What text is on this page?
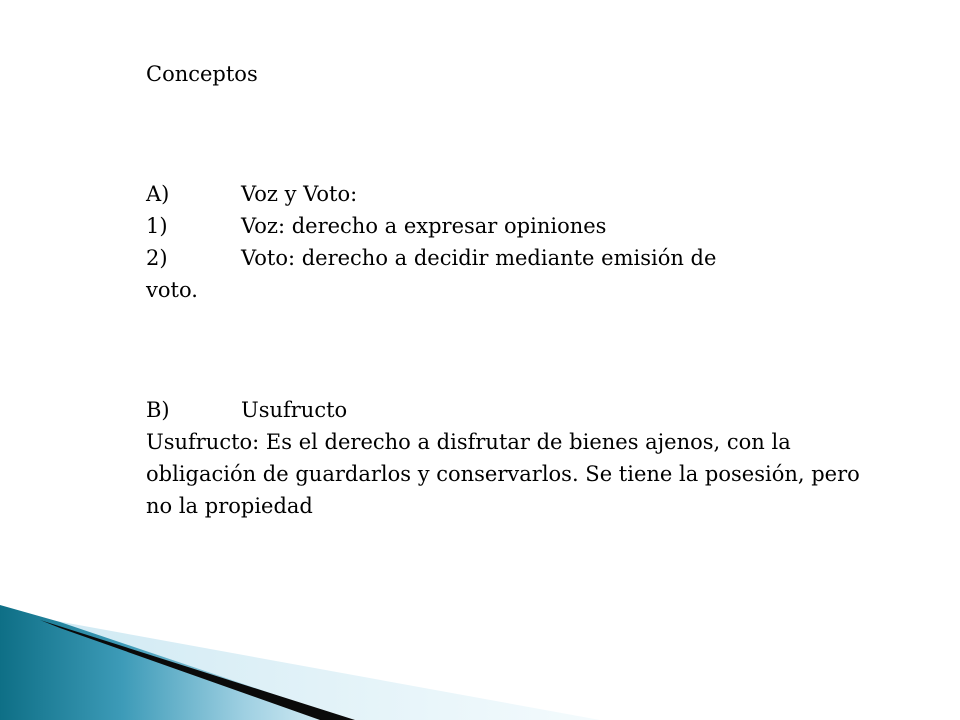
Conceptos
A)	Voz y Voto:
1)	Voz: derecho a expresar opiniones
2)	Voto: derecho a decidir mediante emisión de
voto.
B)	Usufructo
Usufructo: Es el derecho a disfrutar de bienes ajenos, con la obligación de guardarlos y conservarlos. Se tiene la posesión, pero no la propiedad
